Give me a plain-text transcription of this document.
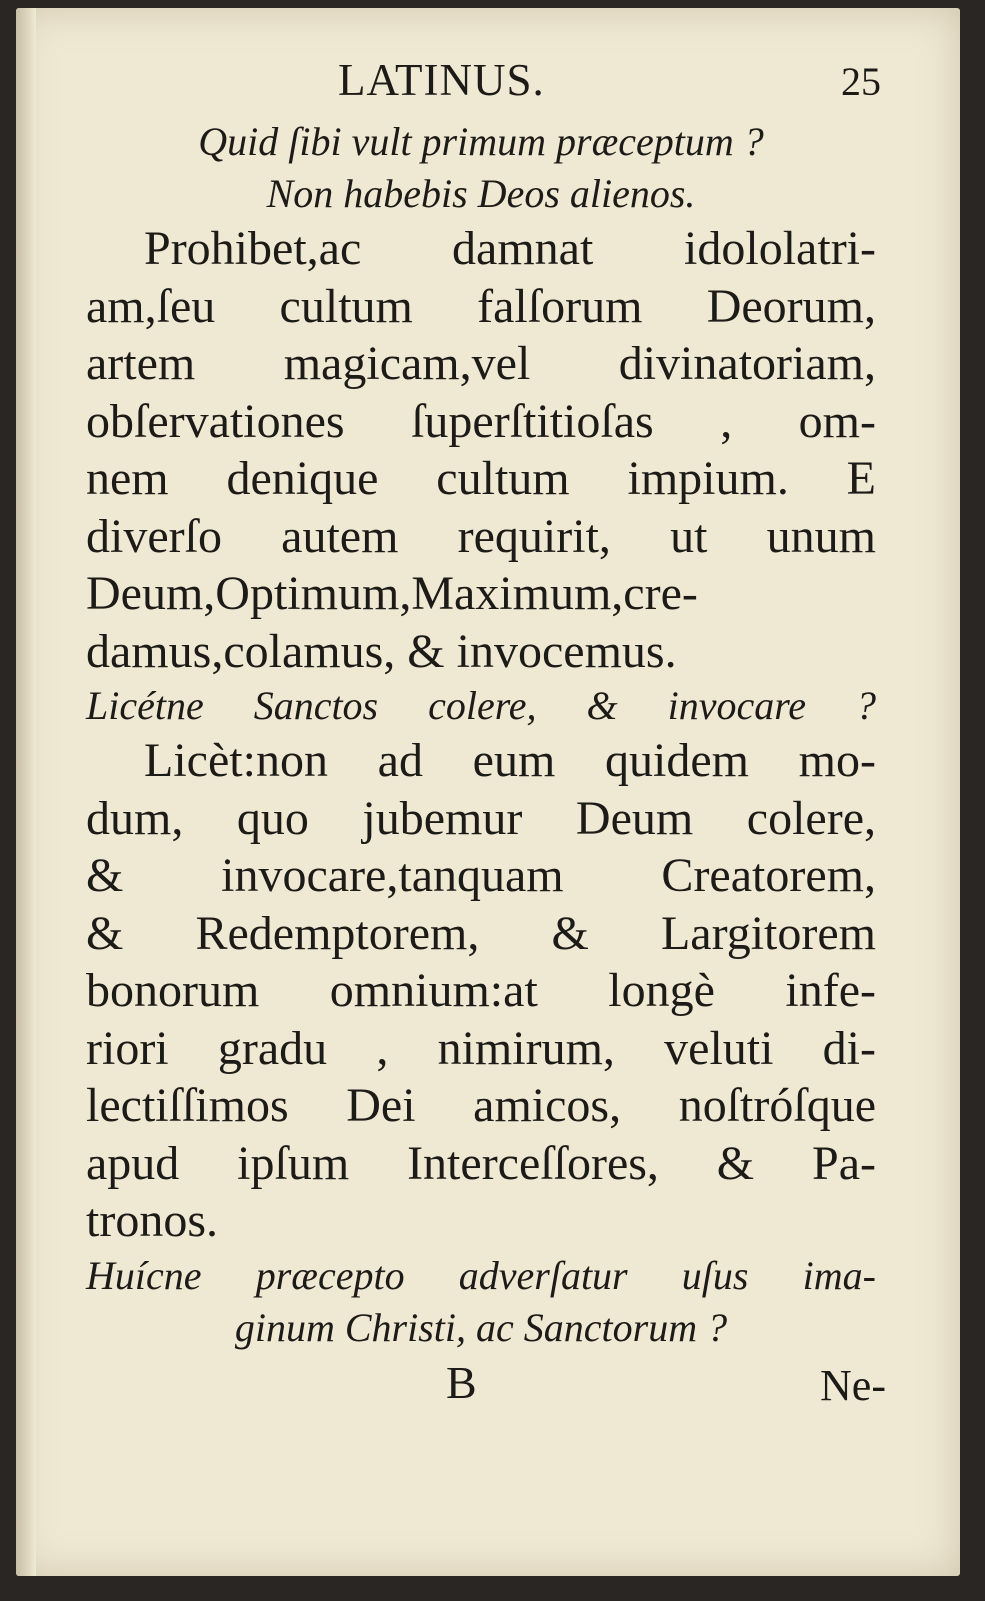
LATINUS.	25
Quid ſibi vult primum præceptum ?
Non habebis Deos alienos.
Prohibet,ac damnat idololatri-
am,ſeu cultum falſorum Deorum,
artem magicam,vel divinatoriam,
obſervationes ſuperſtitioſas , om-
nem denique cultum impium. E
diverſo autem requirit, ut unum
Deum,Optimum,Maximum,cre-
damus,colamus, & invocemus.
Licétne Sanctos colere, & invocare ?
Licèt:non ad eum quidem mo-
dum, quo jubemur Deum colere,
& invocare,tanquam Creatorem,
& Redemptorem, & Largitorem
bonorum omnium:at longè infe-
riori gradu , nimirum, veluti di-
lectiſſimos Dei amicos, noſtróſque
apud ipſum Interceſſores, & Pa-
tronos.
Huícne præcepto adverſatur uſus ima-
ginum Christi, ac Sanctorum ?
B	Ne-
